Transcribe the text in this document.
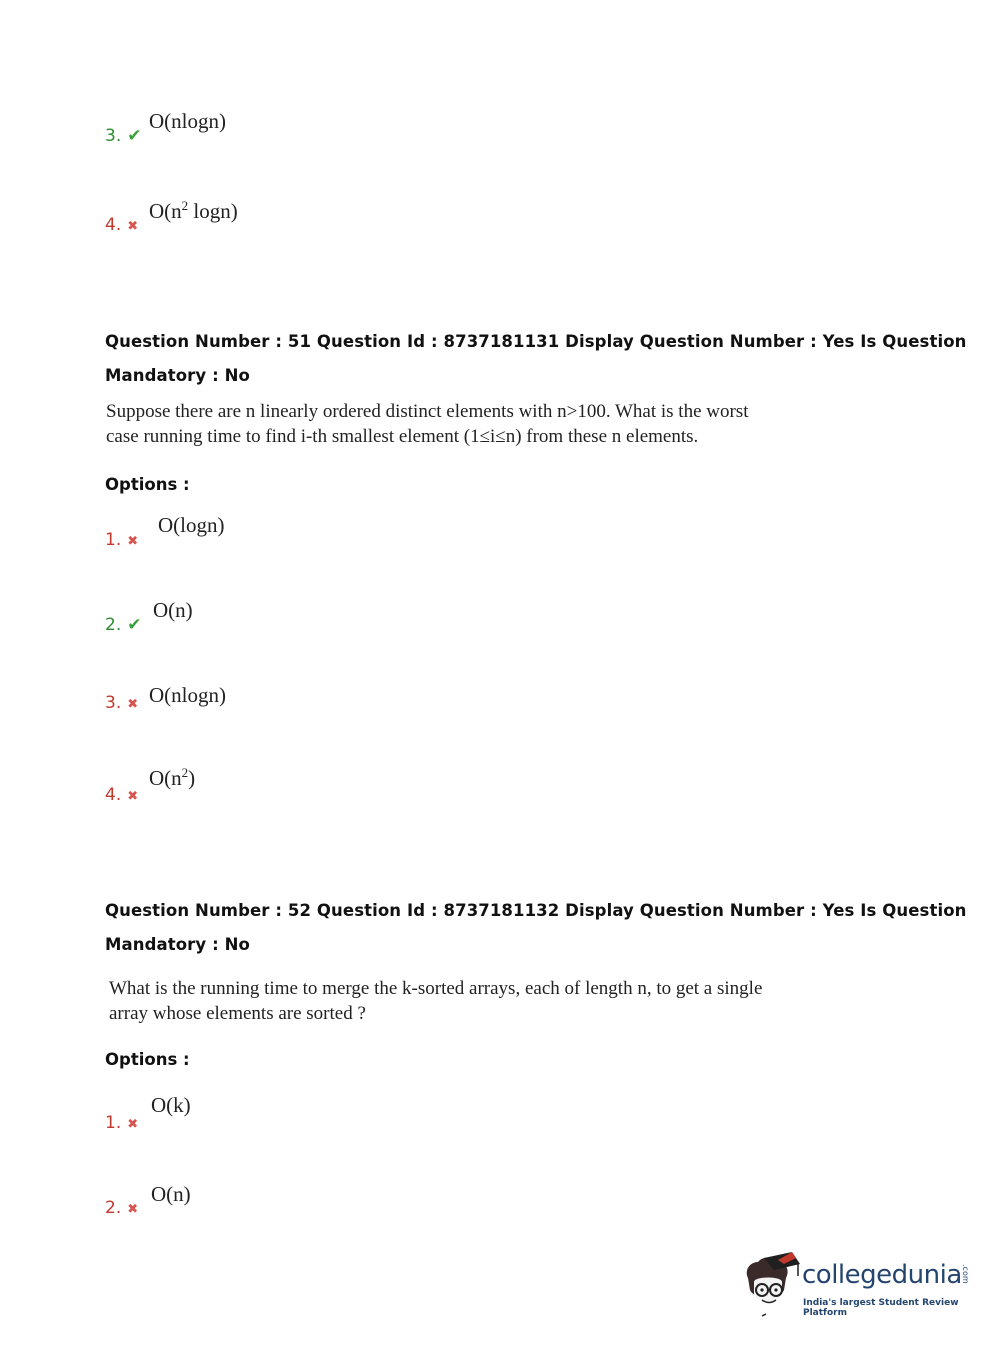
3. ✔
O(nlogn)
4. ✖
$O(n^2$ logn)
Question Number : 51 Question Id : 8737181131 Display Question Number : Yes Is Question
Mandatory : No
Suppose there are n linearly ordered distinct elements with n>100. What is the worst
case running time to find i-th smallest element (1≤i≤n) from these n elements.
Options :
1. ✖
O(logn)
2. ✔
O(n)
3. ✖ O(nlogn)
4. ✖
$O(n^2)$
Question Number : 52 Question Id : 8737181132 Display Question Number : Yes Is Question
Mandatory : No
What is the running time to merge the k-sorted arrays, each of length n, to get a single
array whose elements are sorted ?
Options :
1. ✖
O(k)
2. ✖
O(n)
collegedunia .com
India's largest Student Review Platform
